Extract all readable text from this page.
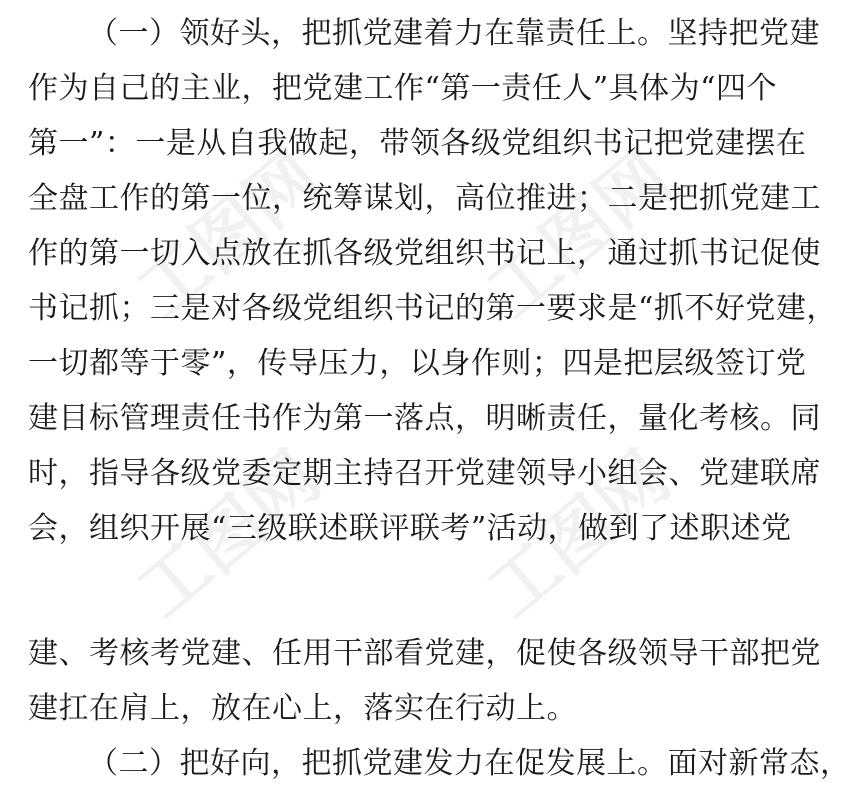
工图网 工图网
工图网 工图网
（一）领好头，把抓党建着力在靠责任上。坚持把党建
作为自己的主业，把党建工作“第一责任人”具体为“四个
第一”：一是从自我做起，带领各级党组织书记把党建摆在
全盘工作的第一位，统筹谋划，高位推进；二是把抓党建工
作的第一切入点放在抓各级党组织书记上，通过抓书记促使
书记抓；三是对各级党组织书记的第一要求是“抓不好党建，
一切都等于零”，传导压力，以身作则；四是把层级签订党
建目标管理责任书作为第一落点，明晰责任，量化考核。同
时，指导各级党委定期主持召开党建领导小组会、党建联席
会，组织开展“三级联述联评联考”活动，做到了述职述党
建、考核考党建、任用干部看党建，促使各级领导干部把党
建扛在肩上，放在心上，落实在行动上。
（二）把好向，把抓党建发力在促发展上。面对新常态，
